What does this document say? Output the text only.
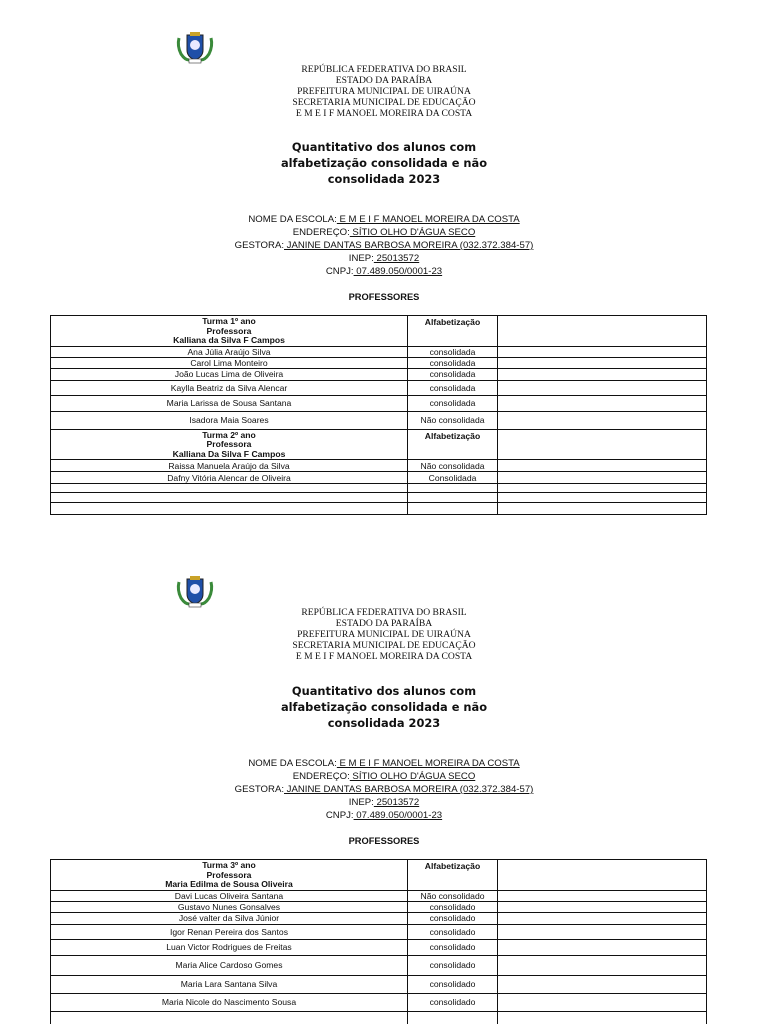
REPÚBLICA FEDERATIVA DO BRASIL
ESTADO DA PARAÍBA
PREFEITURA MUNICIPAL DE UIRAÚNA
SECRETARIA MUNICIPAL DE EDUCAÇÃO
E M E I F MANOEL MOREIRA DA COSTA
Quantitativo dos alunos com
alfabetização consolidada e não
consolidada 2023
NOME DA ESCOLA: E M E I F MANOEL MOREIRA DA COSTA
ENDEREÇO: SÍTIO OLHO D'ÁGUA SECO
GESTORA: JANINE DANTAS BARBOSA MOREIRA (032.372.384-57)
INEP: 25013572
CNPJ: 07.489.050/0001-23
PROFESSORES
Turma 1º ano
Professora
Kalliana da Silva F Campos	Alfabetização	
Ana Júlia Araújo Silva	consolidada	
Carol Lima Monteiro	consolidada	
João Lucas Lima de Oliveira	consolidada	
Kaylla Beatriz da Silva Alencar	consolidada	
Maria Larissa de Sousa Santana	consolidada	
Isadora Maia Soares	Não consolidada	

Turma 2º ano
Professora
Kalliana Da Silva F Campos	Alfabetização	
Raissa Manuela Araújo da Silva	Não consolidada	
Dafny Vitória Alencar de Oliveira	Consolidada	

REPÚBLICA FEDERATIVA DO BRASIL
ESTADO DA PARAÍBA
PREFEITURA MUNICIPAL DE UIRAÚNA
SECRETARIA MUNICIPAL DE EDUCAÇÃO
E M E I F MANOEL MOREIRA DA COSTA
Quantitativo dos alunos com
alfabetização consolidada e não
consolidada 2023
NOME DA ESCOLA: E M E I F MANOEL MOREIRA DA COSTA
ENDEREÇO: SÍTIO OLHO D'ÁGUA SECO
GESTORA: JANINE DANTAS BARBOSA MOREIRA (032.372.384-57)
INEP: 25013572
CNPJ: 07.489.050/0001-23
PROFESSORES
Turma 3º ano
Professora
Maria Edilma de Sousa Oliveira	Alfabetização	
Davi Lucas Oliveira Santana	Não consolidado	
Gustavo Nunes Gonsalves	consolidado	
José valter da Silva Júnior	consolidado	
Igor Renan Pereira dos Santos	consolidado	
Luan Victor Rodrigues de Freitas	consolidado	
Maria Alice Cardoso Gomes	consolidado	
Maria Lara Santana Silva	consolidado	
Maria Nicole do Nascimento Sousa	consolidado	
